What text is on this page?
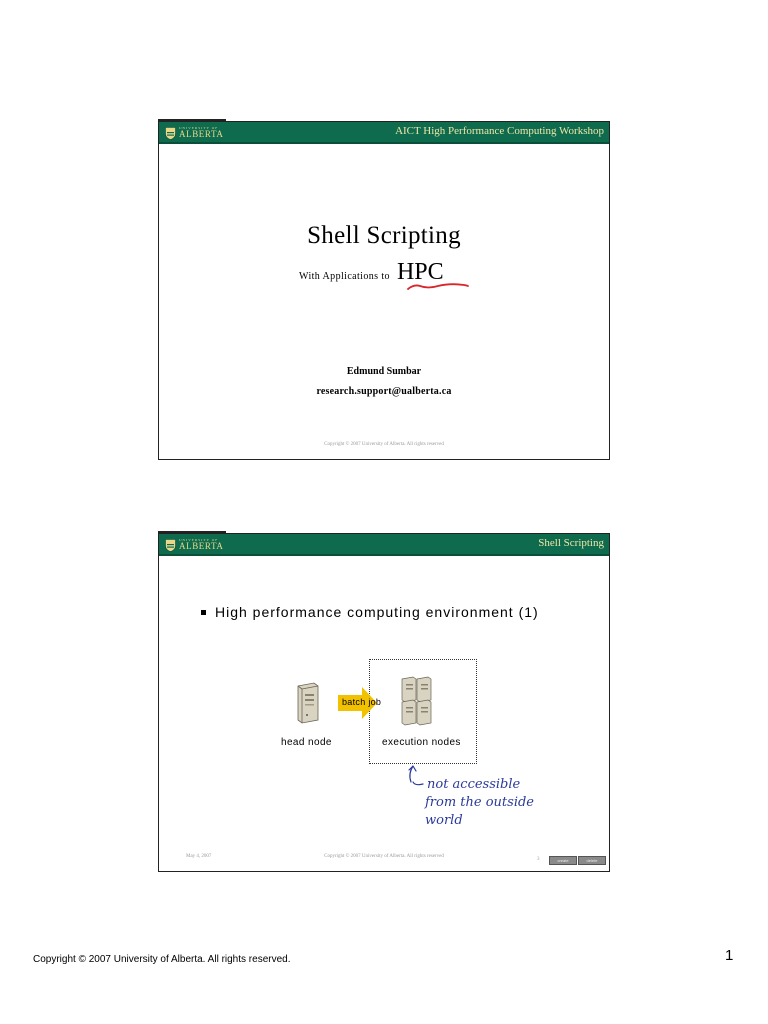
UNIVERSITY OF
ALBERTA	AICT High Performance Computing Workshop
Shell Scripting
With Applications to HPC
Edmund Sumbar
research.support@ualberta.ca
Copyright © 2007 University of Alberta. All rights reserved
UNIVERSITY OF
ALBERTA	Shell Scripting
High performance computing environment (1)
batch job
head node	execution nodes
not accessible
from the outside
world
May 4, 2007	Copyright © 2007 University of Alberta. All rights reserved
3	create	delete
Copyright © 2007 University of Alberta. All rights reserved.	1
